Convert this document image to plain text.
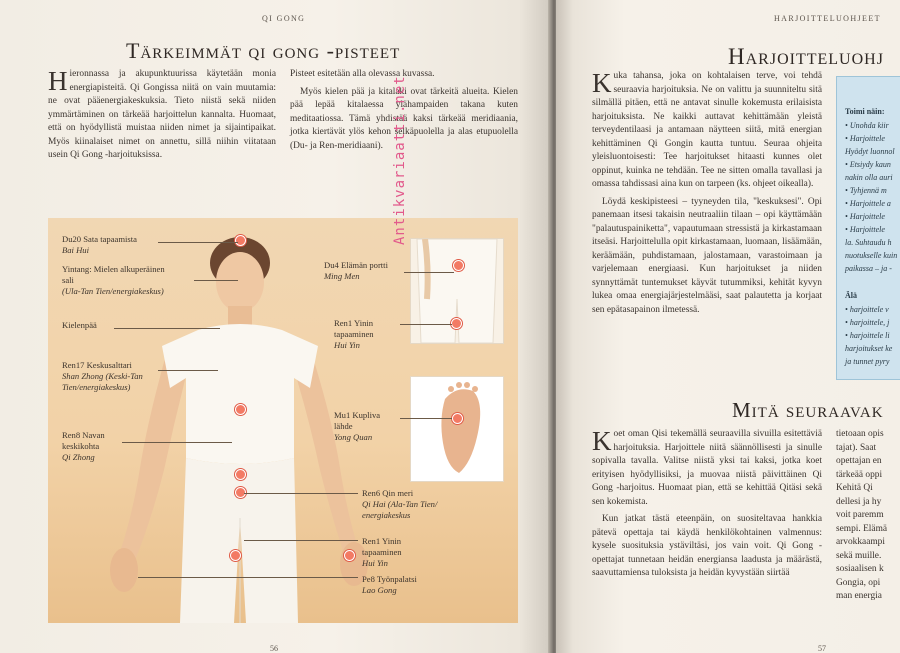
QI GONG
Tärkeimmät qi gong -pisteet
Hieronnassa ja akupunktuurissa käytetään monia energiapisteitä. Qi Gongissa niitä on vain muutamia: ne ovat pääenergiakeskuksia. Tieto niistä sekä niiden ymmärtäminen on tärkeää harjoittelun kannalta. Huomaat, että on hyödyllistä muistaa niiden nimet ja sijaintipaikat. Myös kiinalaiset nimet on annettu, sillä niihin viitataan usein Qi Gong -harjoituksissa.

Pisteet esitetään alla olevassa kuvassa.

Myös kielen pää ja kitalaki ovat tärkeitä alueita. Kielen pää lepää kitalaessa ylähampaiden takana kuten meditaatiossa. Tämä yhdistää kaksi tärkeää meridiaania, jotka kiertävät ylös kehon selkäpuolella ja alas etupuolella (Du- ja Ren-meridiaani).

Du20 Sata tapaamista
Bai Hui
Yintang: Mielen alkuperäinen sali
(Ula-Tan Tien/energiakeskus)
Kielenpää
Ren17 Keskusalttari
Shan Zhong (Keski-Tan Tien/energiakeskus)
Ren8 Navan keskikohta
Qi Zhong
Du4 Elämän portti
Ming Men
Ren1 Yinin tapaaminen
Hui Yin
Mu1 Kupliva lähde
Yong Quan
Ren6 Qin meri
Qi Hai (Ala-Tan Tien/ energiakeskus
Ren1 Yinin tapaaminen
Hui Yin
Pe8 Työnpalatsi
Lao Gong
Antikvariaatti.net
56
HARJOITTELUOHJEET
Harjoitteluohj

Kuka tahansa, joka on kohtalaisen terve, voi tehdä seuraavia harjoituksia. Ne on valittu ja suunniteltu sitä silmällä pitäen, että ne antavat sinulle kokemusta erilaisista harjoituksista. Ne kaikki auttavat kehittämään yleistä terveydentilaasi ja antamaan näytteen siitä, mitä energian kehittäminen Qi Gongin kautta tuntuu. Seuraa ohjeita yleisluontoisesti: Tee harjoitukset hitaasti kunnes olet oppinut, kuinka ne tehdään. Tee ne sitten omalla tavallasi ja omassa tahdissasi aina kun on tarpeen (ks. ohjeet oikealla).

Löydä keskipisteesi – tyyneyden tila, "keskuksesi". Opi panemaan itsesi takaisin neutraaliin tilaan – opi käyttämään "palautuspainiketta", vapautumaan stressistä ja kirkastamaan itseäsi. Harjoittelulla opit kirkastamaan, luomaan, lisäämään, keräämään, puhdistamaan, jalostamaan, varastoimaan ja varjelemaan energiaasi. Kun harjoitukset ja niiden synnyttämät tuntemukset käyvät tutummiksi, kehität kyvyn lukea omaa energiajärjestelmääsi, saat palautetta ja korjaat sen epätasapainon ilmetessä.

Mitä seuraavak

Koet oman Qisi tekemällä seuraavilla sivuilla esitettäviä harjoituksia. Harjoittele niitä säännöllisesti ja sinulle sopivalla tavalla. Valitse niistä yksi tai kaksi, jotka koet erityisen hyödyllisiksi, ja muovaa niistä päivittäinen Qi Gong -harjoitus. Huomaat pian, että se kehittää Qitäsi sekä sen kokemista.

Kun jatkat tästä eteenpäin, on suositeltavaa hankkia pätevä opettaja tai käydä henkilökohtainen valmennus: kysele suosituksia ystäviltäsi, jos vain voit. Qi Gong -opettajat tunnetaan heidän energiansa laadusta ja määrästä, saavuttamiensa tuloksista ja heidän kyvystään siirtää

tietoaan opis
tajat). Saat
opettajan en
tärkeää oppi
Kehitä Qi
dellesi ja hy
voit paremm
sempi. Elämä
arvokkaampi
sekä muille.
sosiaalisen k
Gongia, opi
man energia
57
Toimi näin:
• Unohda kiir
• Harjoittele
Hyödyt luonnol
• Etsiydy kaun
nakin olla auri
• Tyhjennä m
• Harjoittele a
• Harjoittele
• Harjoittele
la. Suhtaudu h
nuotukselle kuin
paikassa – ja -
Älä
• harjoittele v
• harjoittele, j
• harjoittele li
harjoitukset ke
ja tunnet pyry
